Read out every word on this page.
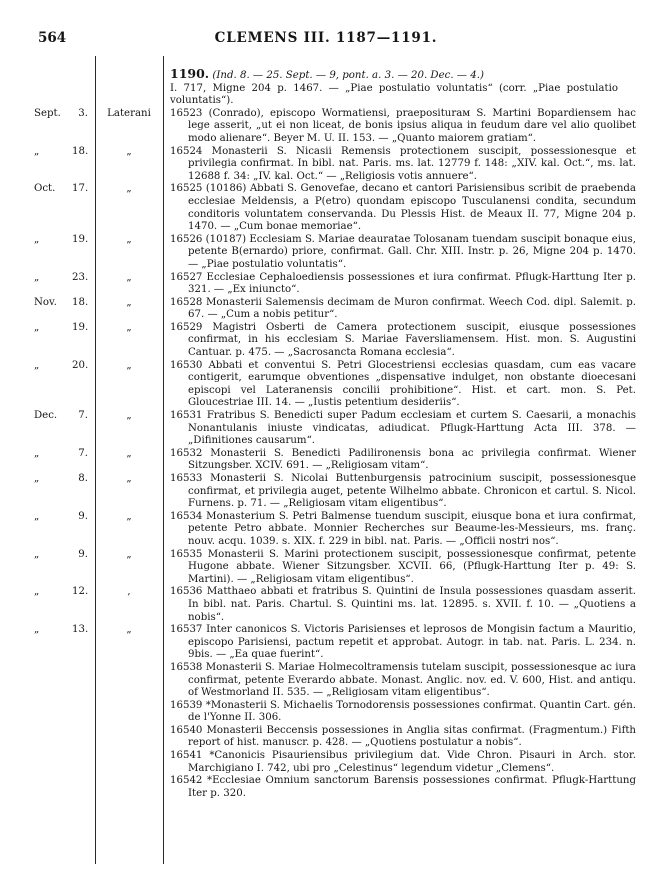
564	CLEMENS III. 1187—1191.
1190. (Ind. 8. — 25. Sept. — 9, pont. a. 3. — 20. Dec. — 4.)
I. 717, Migne 204 p. 1467. — „Piae postulatio voluntatis“ (corr. „Piae postulatio voluntatis“).
Sept. 3.	Laterani	16523 (Conrado), episcopo Wormatiensi, praepositurам S. Martini Bopardiensem hac lege asserit, „ut ei non liceat, de bonis ipsius aliqua in feudum dare vel alio quolibet modo alienare“. Beyer M. U. II. 153. — „Quanto maiorem gratiam“.
„	18.	„	16524 Monasterii S. Nicasii Remensis protectionem suscipit, possessionesque et privilegia confirmat. In bibl. nat. Paris. ms. lat. 12779 f. 148: „XIV. kal. Oct.“, ms. lat. 12688 f. 34: „IV. kal. Oct.“ — „Religiosis votis annuere“.
Oct. 17.	„	16525 (10186) Abbati S. Genovefae, decano et cantori Parisiensibus scribit de praebenda ecclesiae Meldensis, a P(etro) quondam episcopo Tusculanensi condita, secundum conditoris voluntatem conservanda. Du Plessis Hist. de Meaux II. 77, Migne 204 p. 1470. — „Cum bonae memoriae“.
„	19.	„	16526 (10187) Ecclesiam S. Mariae deauratae Tolosanam tuendam suscipit bonaque eius, petente B(ernardo) priore, confirmat. Gall. Chr. XIII. Instr. p. 26, Migne 204 p. 1470. — „Piae postulatio voluntatis“.
„	23.	„	16527 Ecclesiae Cephaloediensis possessiones et iura confirmat. Pflugk-Harttung Iter p. 321. — „Ex iniuncto“.
Nov. 18.	„	16528 Monasterii Salemensis decimam de Muron confirmat. Weech Cod. dipl. Salemit. p. 67. — „Cum a nobis petitur“.
„	19.	„	16529 Magistri Osberti de Camera protectionem suscipit, eiusque possessiones confirmat, in his ecclesiam S. Mariae Faversliamensem. Hist. mon. S. Augustini Cantuar. p. 475. — „Sacrosancta Romana ecclesia“.
„	20.	„	16530 Abbati et conventui S. Petri Glocestriensi ecclesias quasdam, cum eas vacare contigerit, earumque obventiones „dispensative indulget, non obstante dioecesani episcopi vel Lateranensis concilii prohibitione“. Hist. et cart. mon. S. Pet. Gloucestriae III. 14. — „Iustis petentium desideriis“.
Dec. 7.	„	16531 Fratribus S. Benedicti super Padum ecclesiam et curtem S. Caesarii, a monachis Nonantulanis iniuste vindicatas, adiudicat. Pflugk-Harttung Acta III. 378. — „Difinitiones causarum“.
„	7.	„	16532 Monasterii S. Benedicti Padilironensis bona ac privilegia confirmat. Wiener Sitzungsber. XCIV. 691. — „Religiosam vitam“.
„	8.	„	16533 Monasterii S. Nicolai Buttenburgensis patrocinium suscipit, possessionesque confirmat, et privilegia auget, petente Wilhelmo abbate. Chronicon et cartul. S. Nicol. Furnens. p. 71. — „Religiosam vitam eligentibus“.
„	9.	„	16534 Monasterium S. Petri Balmense tuendum suscipit, eiusque bona et iura confirmat, petente Petro abbate. Monnier Recherches sur Beaume-les-Messieurs, ms. franç. nouv. acqu. 1039. s. XIX. f. 229 in bibl. nat. Paris. — „Officii nostri nos“.
„	9.	„	16535 Monasterii S. Marini protectionem suscipit, possessionesque confirmat, petente Hugone abbate. Wiener Sitzungsber. XCVII. 66, (Pflugk-Harttung Iter p. 49: S. Martini). — „Religiosam vitam eligentibus“.
„	12.	,	16536 Matthaeo abbati et fratribus S. Quintini de Insula possessiones quasdam asserit. In bibl. nat. Paris. Chartul. S. Quintini ms. lat. 12895. s. XVII. f. 10. — „Quotiens a nobis“.
„	13.	„	16537 Inter canonicos S. Victoris Parisienses et leprosos de Mongisin factum a Mauritio, episcopo Parisiensi, pactum repetit et approbat. Autogr. in tab. nat. Paris. L. 234. n. 9bis. — „Ea quae fuerint“.
16538 Monasterii S. Mariae Holmecoltramensis tutelam suscipit, possessionesque ac iura confirmat, petente Everardo abbate. Monast. Anglic. nov. ed. V. 600, Hist. and antiqu. of Westmorland II. 535. — „Religiosam vitam eligentibus“.
16539 *Monasterii S. Michaelis Tornodorensis possessiones confirmat. Quantin Cart. gén. de l'Yonne II. 306.
16540 Monasterii Beccensis possessiones in Anglia sitas confirmat. (Fragmentum.) Fifth report of hist. manuscr. p. 428. — „Quotiens postulatur a nobis“.
16541 *Canonicis Pisauriensibus privilegium dat. Vide Chron. Pisauri in Arch. stor. Marchigiano I. 742, ubi pro „Celestinus“ legendum videtur „Clemens“.
16542 *Ecclesiae Omnium sanctorum Barensis possessiones confirmat. Pflugk-Harttung Iter p. 320.
